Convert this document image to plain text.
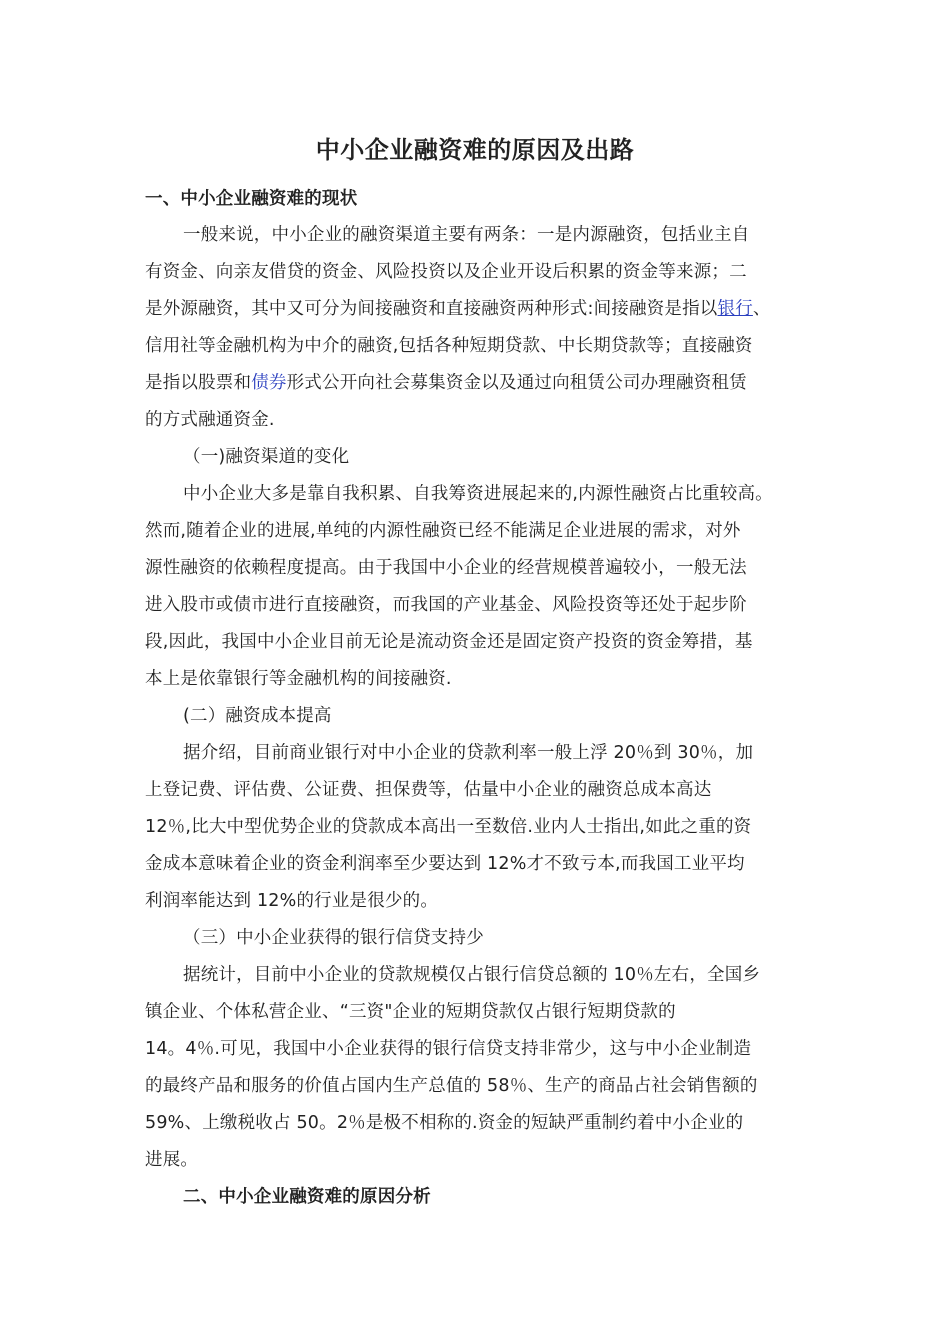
中小企业融资难的原因及出路
一、中小企业融资难的现状
一般来说，中小企业的融资渠道主要有两条：一是内源融资，包括业主自
有资金、向亲友借贷的资金、风险投资以及企业开设后积累的资金等来源；二
是外源融资，其中又可分为间接融资和直接融资两种形式:间接融资是指以银行、
信用社等金融机构为中介的融资,包括各种短期贷款、中长期贷款等；直接融资
是指以股票和债券形式公开向社会募集资金以及通过向租赁公司办理融资租赁
的方式融通资金.
（一)融资渠道的变化
中小企业大多是靠自我积累、自我筹资进展起来的,内源性融资占比重较高。
然而,随着企业的进展,单纯的内源性融资已经不能满足企业进展的需求，对外
源性融资的依赖程度提高。由于我国中小企业的经营规模普遍较小，一般无法
进入股市或债市进行直接融资，而我国的产业基金、风险投资等还处于起步阶
段,因此，我国中小企业目前无论是流动资金还是固定资产投资的资金筹措，基
本上是依靠银行等金融机构的间接融资.
(二）融资成本提高
据介绍，目前商业银行对中小企业的贷款利率一般上浮 20％到 30％，加
上登记费、评估费、公证费、担保费等，估量中小企业的融资总成本高达
12％,比大中型优势企业的贷款成本高出一至数倍.业内人士指出,如此之重的资
金成本意味着企业的资金利润率至少要达到 12%才不致亏本,而我国工业平均
利润率能达到 12%的行业是很少的。
（三）中小企业获得的银行信贷支持少
据统计，目前中小企业的贷款规模仅占银行信贷总额的 10％左右，全国乡
镇企业、个体私营企业、“三资"企业的短期贷款仅占银行短期贷款的
14。4％.可见，我国中小企业获得的银行信贷支持非常少，这与中小企业制造
的最终产品和服务的价值占国内生产总值的 58％、生产的商品占社会销售额的
59%、上缴税收占 50。2％是极不相称的.资金的短缺严重制约着中小企业的
进展。
二、中小企业融资难的原因分析
